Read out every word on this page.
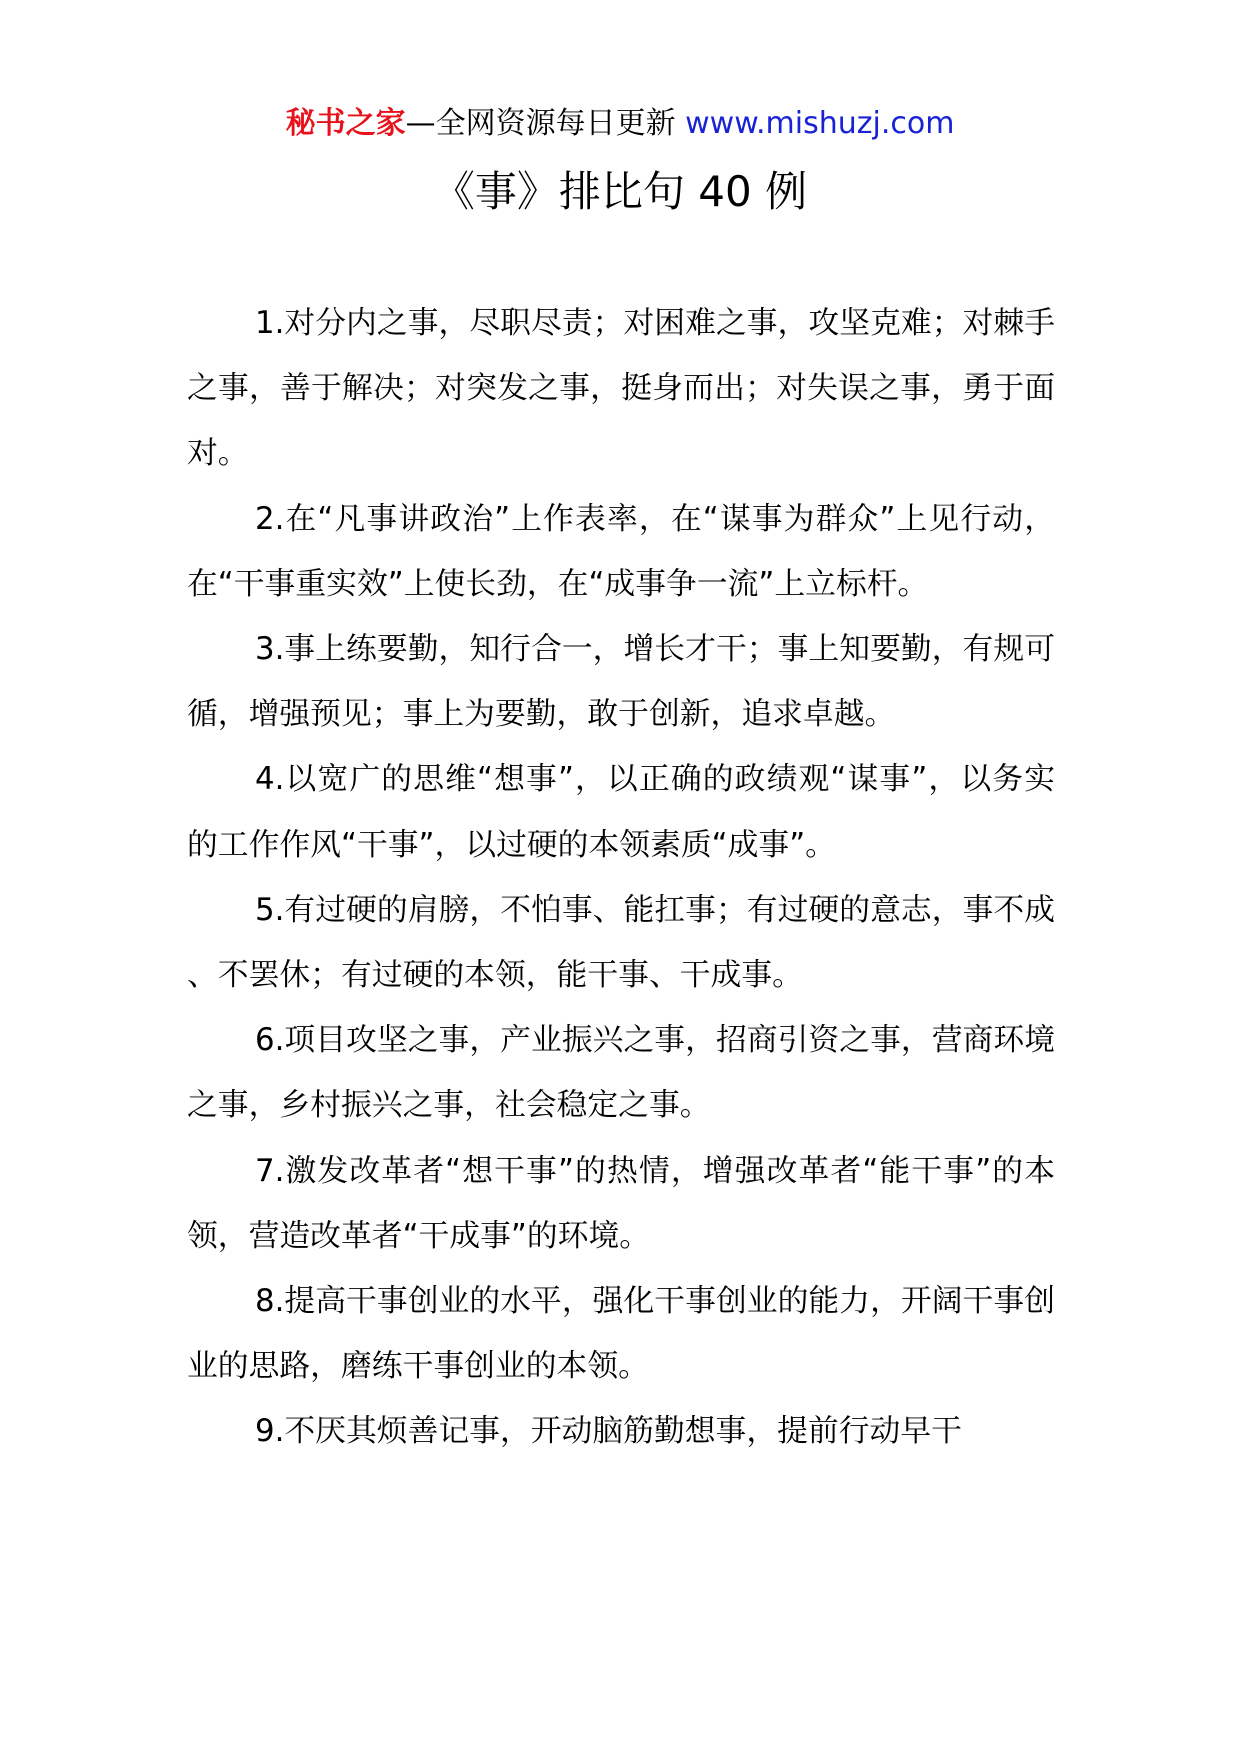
秘书之家—全网资源每日更新 www.mishuzj.com
《事》排比句 40 例

1.对分内之事，尽职尽责；对困难之事，攻坚克难；对棘手之事，善于解决；对突发之事，挺身而出；对失误之事，勇于面对。

2.在“凡事讲政治”上作表率，在“谋事为群众”上见行动，在“干事重实效”上使长劲，在“成事争一流”上立标杆。

3.事上练要勤，知行合一，增长才干；事上知要勤，有规可循，增强预见；事上为要勤，敢于创新，追求卓越。

4.以宽广的思维“想事”，以正确的政绩观“谋事”，以务实的工作作风“干事”，以过硬的本领素质“成事”。

5.有过硬的肩膀，不怕事、能扛事；有过硬的意志，事不成、不罢休；有过硬的本领，能干事、干成事。

6.项目攻坚之事，产业振兴之事，招商引资之事，营商环境之事，乡村振兴之事，社会稳定之事。

7.激发改革者“想干事”的热情，增强改革者“能干事”的本领，营造改革者“干成事”的环境。

8.提高干事创业的水平，强化干事创业的能力，开阔干事创业的思路，磨练干事创业的本领。

9.不厌其烦善记事，开动脑筋勤想事，提前行动早干
